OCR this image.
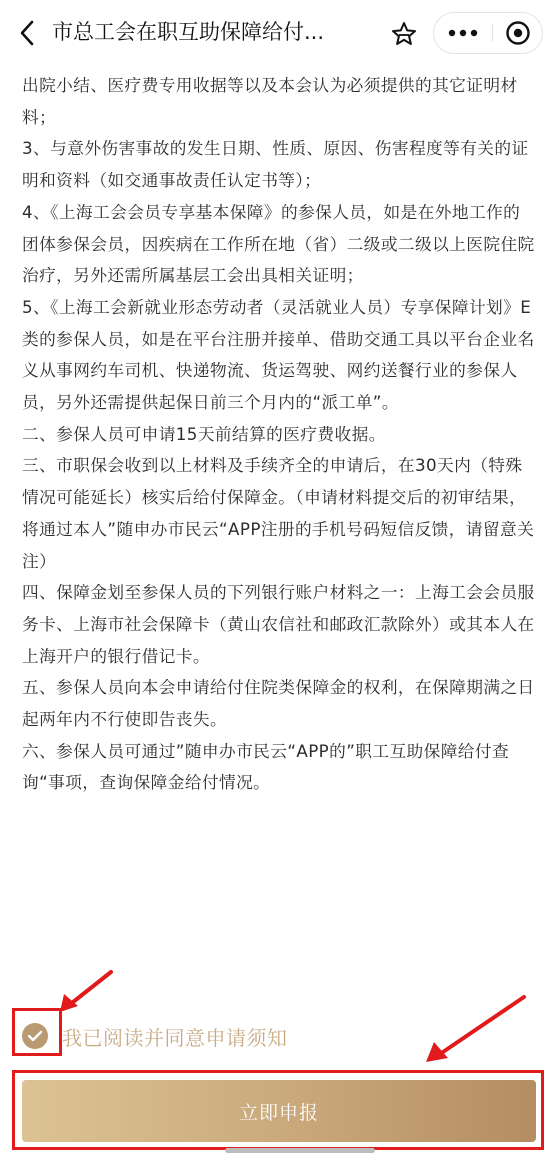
市总工会在职互助保障给付...

出院小结、医疗费专用收据等以及本会认为必须提供的其它证明材料；

3、与意外伤害事故的发生日期、性质、原因、伤害程度等有关的证明和资料（如交通事故责任认定书等）；

4、《上海工会会员专享基本保障》的参保人员，如是在外地工作的团体参保会员，因疾病在工作所在地（省）二级或二级以上医院住院治疗，另外还需所属基层工会出具相关证明；

5、《上海工会新就业形态劳动者（灵活就业人员）专享保障计划》E类的参保人员，如是在平台注册并接单、借助交通工具以平台企业名义从事网约车司机、快递物流、货运驾驶、网约送餐行业的参保人员，另外还需提供起保日前三个月内的“派工单”。

二、参保人员可申请15天前结算的医疗费收据。

三、市职保会收到以上材料及手续齐全的申请后，在30天内（特殊情况可能延长）核实后给付保障金。（申请材料提交后的初审结果，将通过本人”随申办市民云“APP注册的手机号码短信反馈，请留意关注）

四、保障金划至参保人员的下列银行账户材料之一：上海工会会员服务卡、上海市社会保障卡（黄山农信社和邮政汇款除外）或其本人在上海开户的银行借记卡。

五、参保人员向本会申请给付住院类保障金的权利，在保障期满之日起两年内不行使即告丧失。

六、参保人员可通过”随申办市民云“APP的”职工互助保障给付查询“事项，查询保障金给付情况。

我已阅读并同意申请须知
立即申报
